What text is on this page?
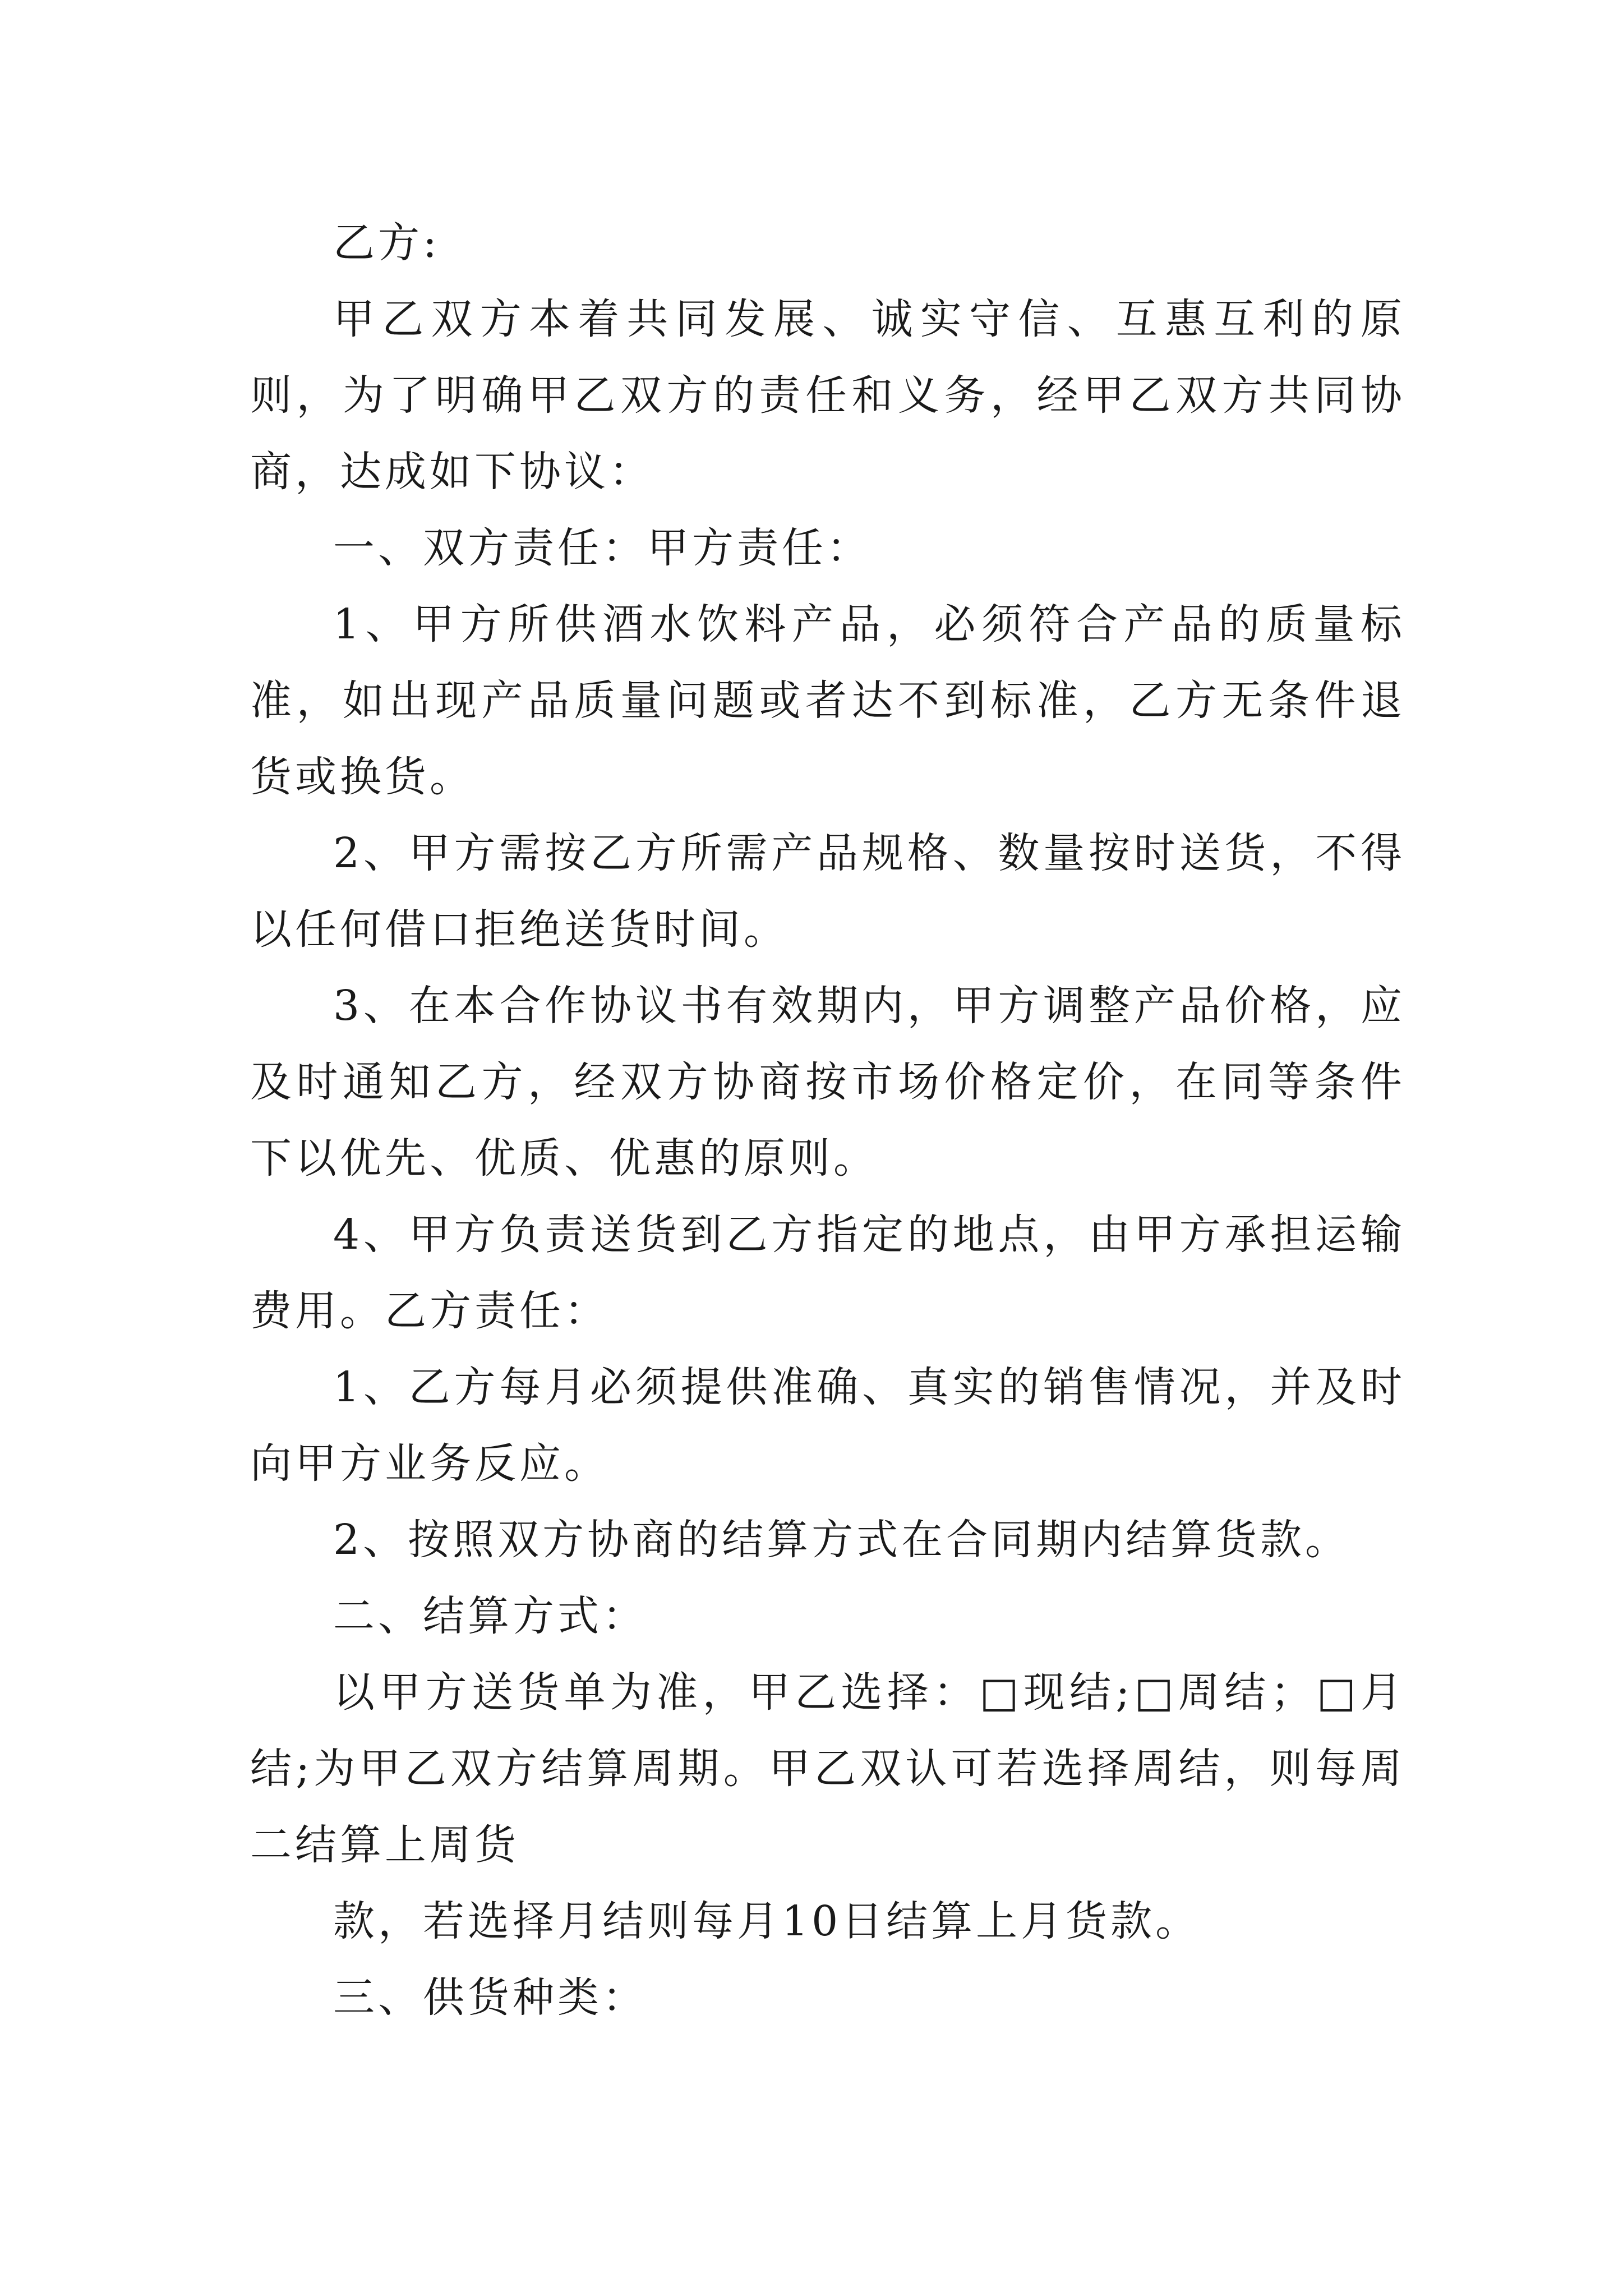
乙方:

甲乙双方本着共同发展、诚实守信、互惠互利的原则，为了明确甲乙双方的责任和义务，经甲乙双方共同协商，达成如下协议：

一、双方责任：甲方责任：

1、甲方所供酒水饮料产品，必须符合产品的质量标准，如出现产品质量问题或者达不到标准，乙方无条件退货或换货。

2、甲方需按乙方所需产品规格、数量按时送货，不得以任何借口拒绝送货时间。

3、在本合作协议书有效期内，甲方调整产品价格，应及时通知乙方，经双方协商按市场价格定价，在同等条件下以优先、优质、优惠的原则。

4、甲方负责送货到乙方指定的地点，由甲方承担运输费用。乙方责任：

1、乙方每月必须提供准确、真实的销售情况，并及时向甲方业务反应。

2、按照双方协商的结算方式在合同期内结算货款。

二、结算方式：

以甲方送货单为准，甲乙选择：□现结;□周结；□月结;为甲乙双方结算周期。甲乙双认可若选择周结，则每周二结算上周货

款，若选择月结则每月10日结算上月货款。

三、供货种类：
